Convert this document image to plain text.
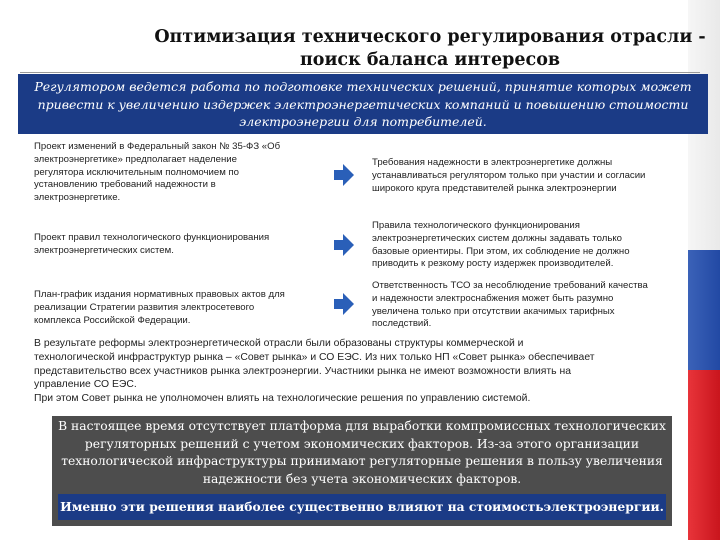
Оптимизация технического регулирования отрасли -
поиск баланса интересов
Регулятором ведется работа по подготовке технических решений, принятие которых может
привести к увеличению издержек электроэнергетических компаний и повышению стоимости
электроэнергии для потребителей.
Проект изменений в Федеральный закон № 35-ФЗ «Об
электроэнергетике» предполагает наделение
регулятора исключительным полномочием по
установлению требований надежности в
электроэнергетике.
Требования надежности в электроэнергетике должны
устанавливаться регулятором только при участии и согласии
широкого круга представителей рынка электроэнергии
Проект правил технологического функционирования
электроэнергетических систем.
Правила технологического функционирования
электроэнергетических систем должны задавать только
базовые ориентиры. При этом, их соблюдение не должно
приводить к резкому росту издержек производителей.
План-график издания нормативных правовых актов для
реализации Стратегии развития электросетевого
комплекса Российской Федерации.
Ответственность ТСО за несоблюдение требований качества
и надежности электроснабжения может быть разумно
увеличена только при отсутствии акачимых тарифных
последствий.
В результате реформы электроэнергетической отрасли были образованы структуры коммерческой и
технологической инфраструктур рынка – «Совет рынка» и СО ЕЭС. Из них только НП «Совет рынка» обеспечивает
представительство всех участников рынка электроэнергии. Участники рынка не имеют возможности влиять на
управление СО ЕЭС.
При этом Совет рынка не уполномочен влиять на технологические решения по управлению системой.
В настоящее время отсутствует платформа для выработки компромиссных технологических
регуляторных решений с учетом экономических факторов. Из-за этого организации
технологической инфраструктуры принимают регуляторные решения в пользу увеличения
надежности без учета экономических факторов.
Именно эти решения наиболее существенно влияют на стоимостьэлектроэнергии.
